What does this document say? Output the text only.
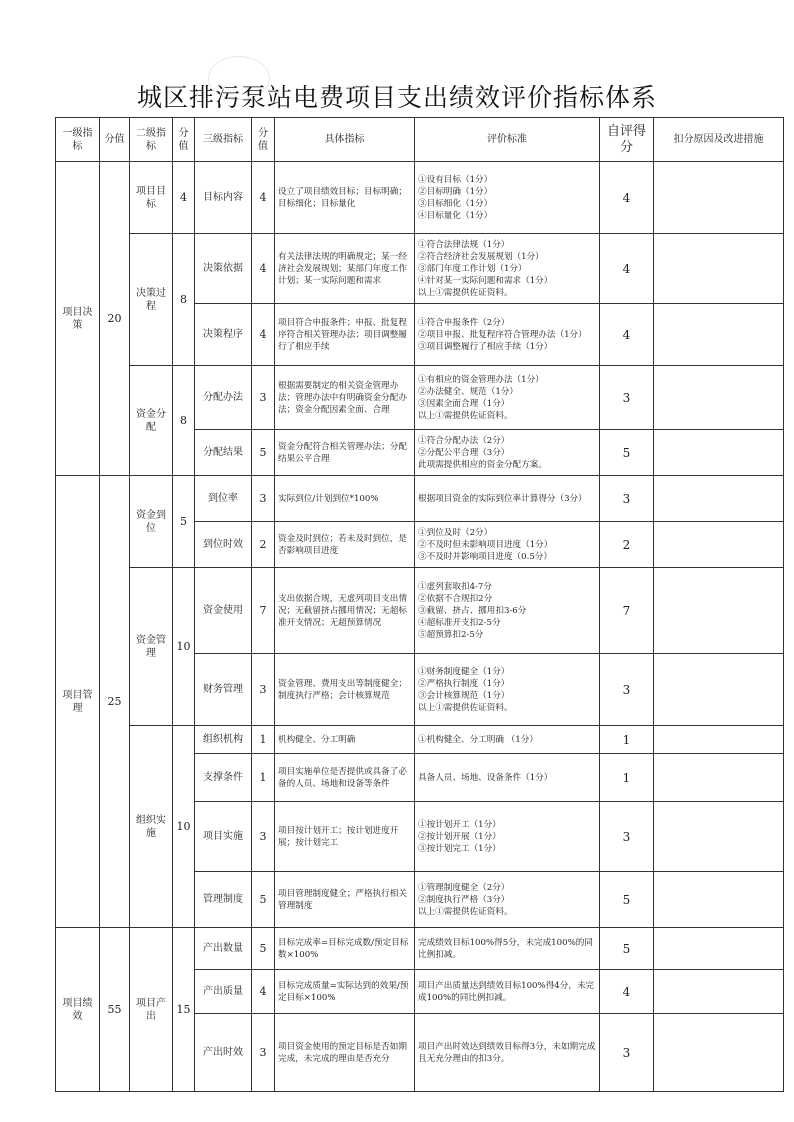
城区排污泵站电费项目支出绩效评价指标体系
一级指标	分值	二级指标	分值	三级指标	分值	具体指标	评价标准	自评得分	扣分原因及改进措施
项目决策	20	项目目标	4	目标内容	4	设立了项目绩效目标；目标明确；目标细化；目标量化	①设有目标（1分）
②目标明确（1分）
③目标细化（1分）
④目标量化（1分）	4	
		决策过程	8	决策依据	4	有关法律法规的明确规定；某一经济社会发展规划；某部门年度工作计划；某一实际问题和需求	①符合法律法规（1分）
②符合经济社会发展规划（1分）
③部门年度工作计划（1分）
④针对某一实际问题和需求（1分）
以上①需提供佐证资料。	4	
				决策程序	4	项目符合申报条件；申报、批复程序符合相关管理办法；项目调整履行了相应手续	①符合申报条件（2分）
②项目申报、批复程序符合管理办法（1分）
③项目调整履行了相应手续（1分）	4	
		资金分配	8	分配办法	3	根据需要制定的相关资金管理办法；管理办法中有明确资金分配办法；资金分配因素全面、合理	①有相应的资金管理办法（1分）
②办法健全、规范（1分）
③因素全面合理（1分）
以上①需提供佐证资料。	3	
				分配结果	5	资金分配符合相关管理办法；分配结果公平合理	①符合分配办法（2分）
②分配公平合理（3分）
此项需提供相应的资金分配方案。	5	
项目管理	25	资金到位	5	到位率	3	实际到位/计划到位*100%	根据项目资金的实际到位率计算得分（3分）	3	
				到位时效	2	资金及时到位；若未及时到位，是否影响项目进度	①到位及时（2分）
②不及时但未影响项目进度（1分）
③不及时并影响项目进度（0.5分）	2	
		资金管理	10	资金使用	7	支出依据合规，无虚列项目支出情况；无截留挤占挪用情况；无超标准开支情况；无超预算情况	①虚列套取扣4-7分
②依据不合规扣2分
③截留、挤占、挪用扣3-6分
④超标准开支扣2-5分
⑤超预算扣2-5分	7	
				财务管理	3	资金管理、费用支出等制度健全；制度执行严格；会计核算规范	①财务制度健全（1分）
②严格执行制度（1分）
③会计核算规范（1分）
以上①需提供佐证资料。	3	
		组织实施	10	组织机构	1	机构健全、分工明确	①机构健全、分工明确 （1分）	1	
				支撑条件	1	项目实施单位是否提供或具备了必备的人员、场地和设备等条件	具备人员、场地、设备条件（1分）	1	
				项目实施	3	项目按计划开工；按计划进度开展；按计划完工	①按计划开工（1分）
②按计划开展（1分）
③按计划完工（1分）	3	
				管理制度	5	项目管理制度健全；严格执行相关管理制度	①管理制度健全（2分）
②制度执行严格（3分）
以上①需提供佐证资料。	5	
项目绩效	55	项目产出	15	产出数量	5	目标完成率=目标完成数/预定目标数×100%	完成绩效目标100%得5分，未完成100%的同比例扣减。	5	
				产出质量	4	目标完成质量=实际达到的效果/预定目标×100%	项目产出质量达到绩效目标100%得4分，未完成100%的同比例扣减。	4	
				产出时效	3	项目资金使用的预定目标是否如期完成，未完成的理由是否充分	项目产出时效达到绩效目标得3分，未如期完成且无充分理由的扣3分。	3	
